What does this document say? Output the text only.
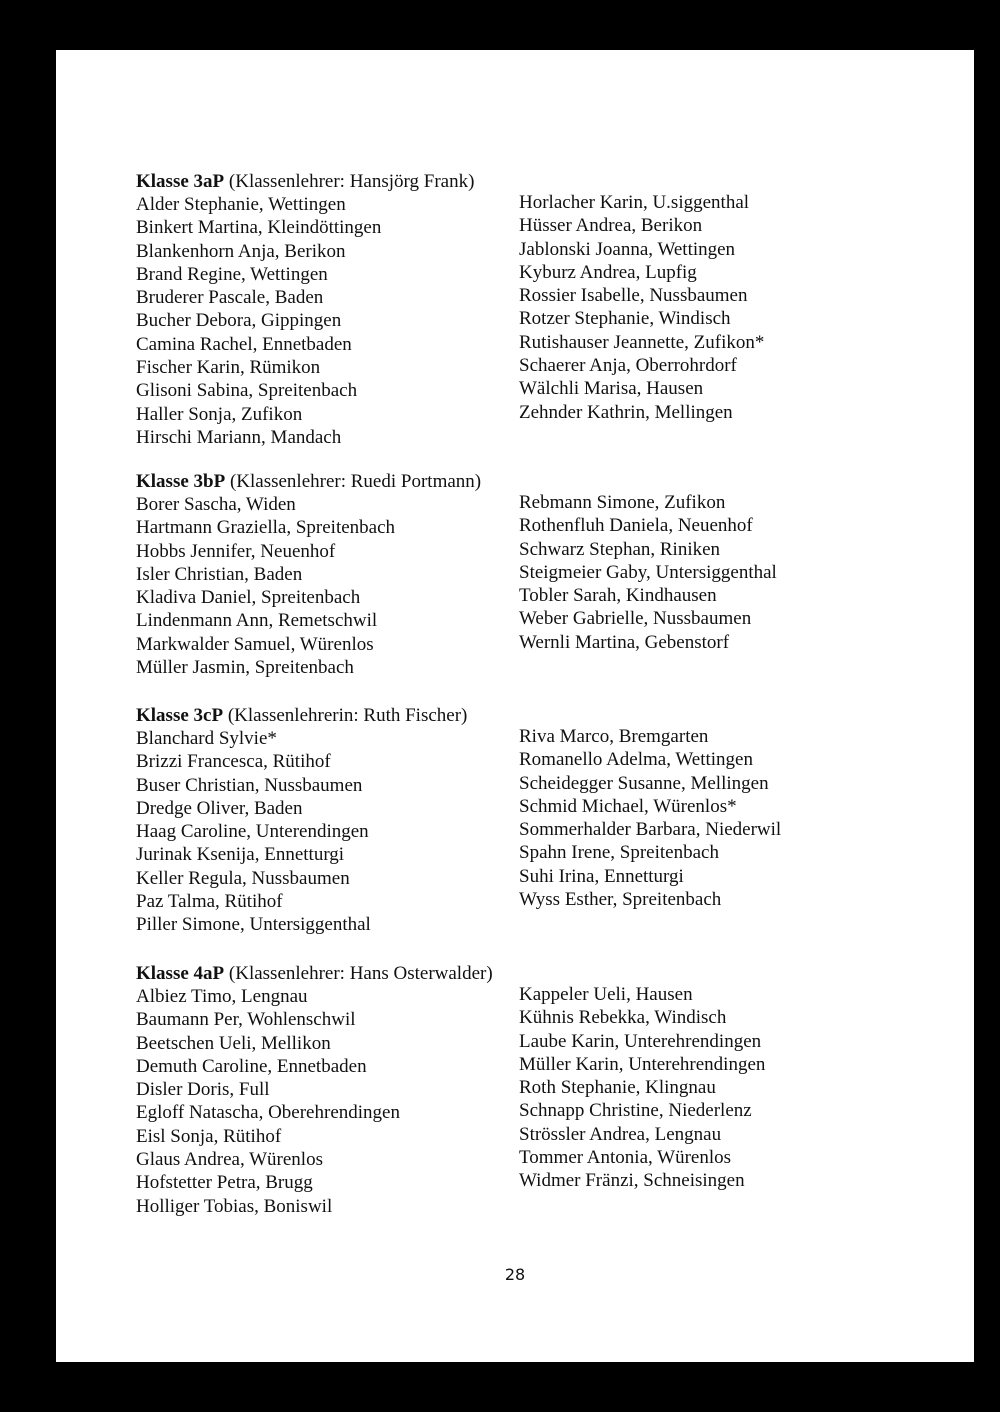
Klasse 3aP (Klassenlehrer: Hansjörg Frank)
Alder Stephanie, Wettingen
Binkert Martina, Kleindöttingen
Blankenhorn Anja, Berikon
Brand Regine, Wettingen
Bruderer Pascale, Baden
Bucher Debora, Gippingen
Camina Rachel, Ennetbaden
Fischer Karin, Rümikon
Glisoni Sabina, Spreitenbach
Haller Sonja, Zufikon
Hirschi Mariann, Mandach
Horlacher Karin, U.siggenthal
Hüsser Andrea, Berikon
Jablonski Joanna, Wettingen
Kyburz Andrea, Lupfig
Rossier Isabelle, Nussbaumen
Rotzer Stephanie, Windisch
Rutishauser Jeannette, Zufikon*
Schaerer Anja, Oberrohrdorf
Wälchli Marisa, Hausen
Zehnder Kathrin, Mellingen
Klasse 3bP (Klassenlehrer: Ruedi Portmann)
Borer Sascha, Widen
Hartmann Graziella, Spreitenbach
Hobbs Jennifer, Neuenhof
Isler Christian, Baden
Kladiva Daniel, Spreitenbach
Lindenmann Ann, Remetschwil
Markwalder Samuel, Würenlos
Müller Jasmin, Spreitenbach
Rebmann Simone, Zufikon
Rothenfluh Daniela, Neuenhof
Schwarz Stephan, Riniken
Steigmeier Gaby, Untersiggenthal
Tobler Sarah, Kindhausen
Weber Gabrielle, Nussbaumen
Wernli Martina, Gebenstorf
Klasse 3cP (Klassenlehrerin: Ruth Fischer)
Blanchard Sylvie*
Brizzi Francesca, Rütihof
Buser Christian, Nussbaumen
Dredge Oliver, Baden
Haag Caroline, Unterendingen
Jurinak Ksenija, Ennetturgi
Keller Regula, Nussbaumen
Paz Talma, Rütihof
Piller Simone, Untersiggenthal
Riva Marco, Bremgarten
Romanello Adelma, Wettingen
Scheidegger Susanne, Mellingen
Schmid Michael, Würenlos*
Sommerhalder Barbara, Niederwil
Spahn Irene, Spreitenbach
Suhi Irina, Ennetturgi
Wyss Esther, Spreitenbach
Klasse 4aP (Klassenlehrer: Hans Osterwalder)
Albiez Timo, Lengnau
Baumann Per, Wohlenschwil
Beetschen Ueli, Mellikon
Demuth Caroline, Ennetbaden
Disler Doris, Full
Egloff Natascha, Oberehrendingen
Eisl Sonja, Rütihof
Glaus Andrea, Würenlos
Hofstetter Petra, Brugg
Holliger Tobias, Boniswil
Kappeler Ueli, Hausen
Kühnis Rebekka, Windisch
Laube Karin, Unterehrendingen
Müller Karin, Unterehrendingen
Roth Stephanie, Klingnau
Schnapp Christine, Niederlenz
Strössler Andrea, Lengnau
Tommer Antonia, Würenlos
Widmer Fränzi, Schneisingen
28
